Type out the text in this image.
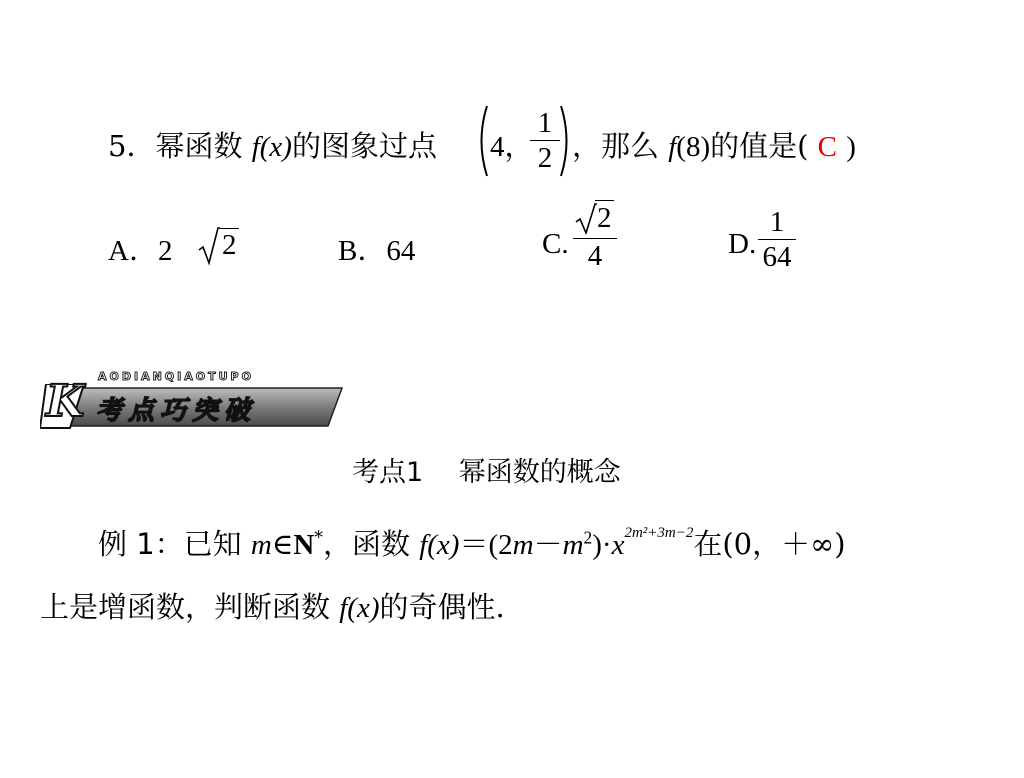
5．幂函数 f(x)的图象过点 4，
$\frac{1}{2}$ ，那么 f(8)的值是( C )
A．2 2	B．64	C. $\frac{2}{4}$	D. $\frac{1}{64}$
AODIANQIAOTUPO
K 考点巧突破
考点1　 幂函数的概念
例 1：已知 m∈N*，函数 $f(x)=(2m-m^2)\cdot x^{2m^2+3m-2}$在(0，＋∞)
上是增函数，判断函数 f(x)的奇偶性.
